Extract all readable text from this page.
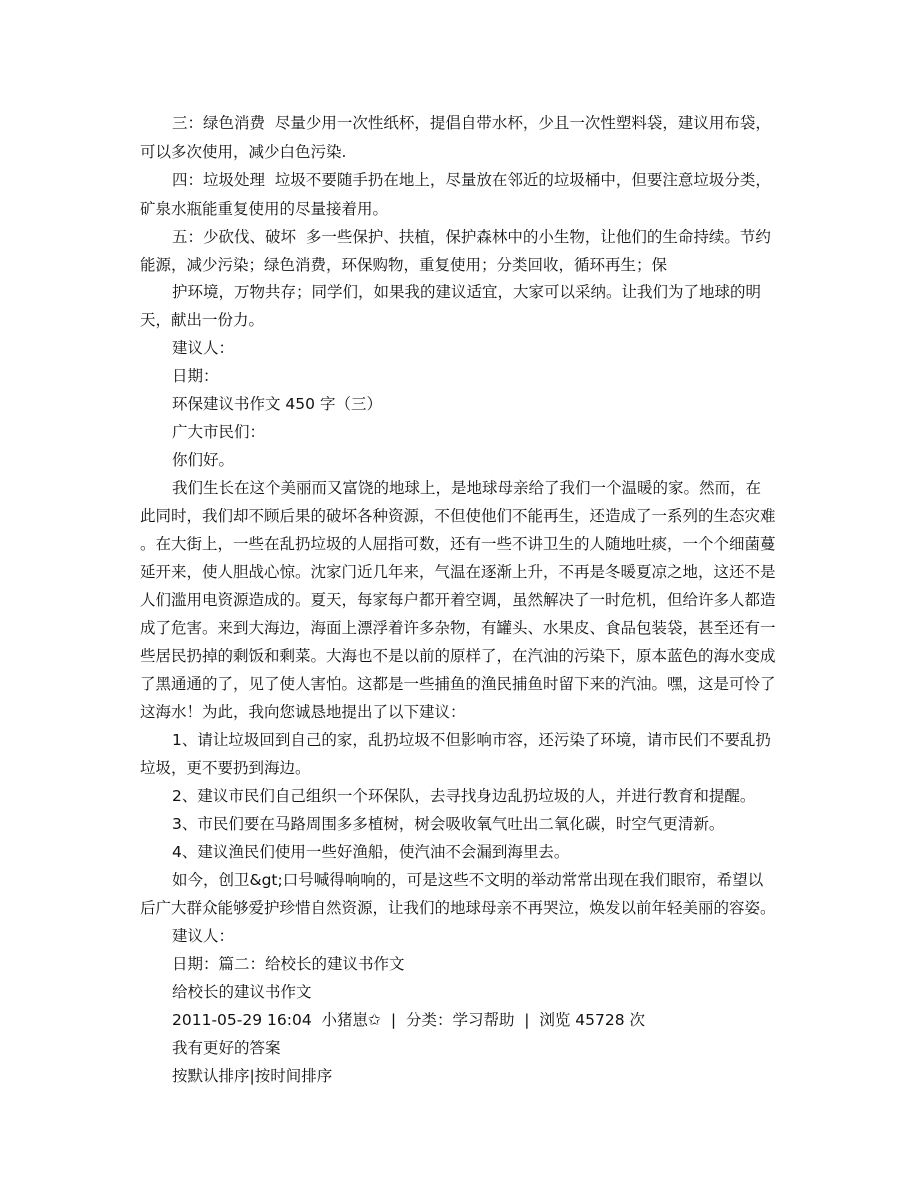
三：绿色消费  尽量少用一次性纸杯，提倡自带水杯，少且一次性塑料袋，建议用布袋，
可以多次使用，减少白色污染.
四：垃圾处理  垃圾不要随手扔在地上，尽量放在邻近的垃圾桶中，但要注意垃圾分类，
矿泉水瓶能重复使用的尽量接着用。
五：少砍伐、破坏  多一些保护、扶植，保护森林中的小生物，让他们的生命持续。节约
能源，减少污染；绿色消费，环保购物，重复使用；分类回收，循环再生；保
护环境，万物共存；同学们，如果我的建议适宜，大家可以采纳。让我们为了地球的明
天，献出一份力。
建议人：
日期：
环保建议书作文 450 字（三）
广大市民们：
你们好。
我们生长在这个美丽而又富饶的地球上，是地球母亲给了我们一个温暖的家。然而，在
此同时，我们却不顾后果的破坏各种资源，不但使他们不能再生，还造成了一系列的生态灾难
。在大街上，一些在乱扔垃圾的人屈指可数，还有一些不讲卫生的人随地吐痰，一个个细菌蔓
延开来，使人胆战心惊。沈家门近几年来，气温在逐渐上升，不再是冬暖夏凉之地，这还不是
人们滥用电资源造成的。夏天，每家每户都开着空调，虽然解决了一时危机，但给许多人都造
成了危害。来到大海边，海面上漂浮着许多杂物，有罐头、水果皮、食品包装袋，甚至还有一
些居民扔掉的剩饭和剩菜。大海也不是以前的原样了，在汽油的污染下，原本蓝色的海水变成
了黑通通的了，见了使人害怕。这都是一些捕鱼的渔民捕鱼时留下来的汽油。嘿，这是可怜了
这海水！为此，我向您诚恳地提出了以下建议：
1、请让垃圾回到自己的家，乱扔垃圾不但影响市容，还污染了环境，请市民们不要乱扔
垃圾，更不要扔到海边。
2、建议市民们自己组织一个环保队，去寻找身边乱扔垃圾的人，并进行教育和提醒。
3、市民们要在马路周围多多植树，树会吸收氧气吐出二氧化碳，时空气更清新。
4、建议渔民们使用一些好渔船，使汽油不会漏到海里去。
如今，创卫&gt;口号喊得响响的，可是这些不文明的举动常常出现在我们眼帘，希望以
后广大群众能够爱护珍惜自然资源，让我们的地球母亲不再哭泣，焕发以前年轻美丽的容姿。
建议人：
日期：篇二：给校长的建议书作文
给校长的建议书作文
2011-05-29 16:04  小猪崽✩  |  分类：学习帮助  |  浏览 45728 次
我有更好的答案
按默认排序|按时间排序
